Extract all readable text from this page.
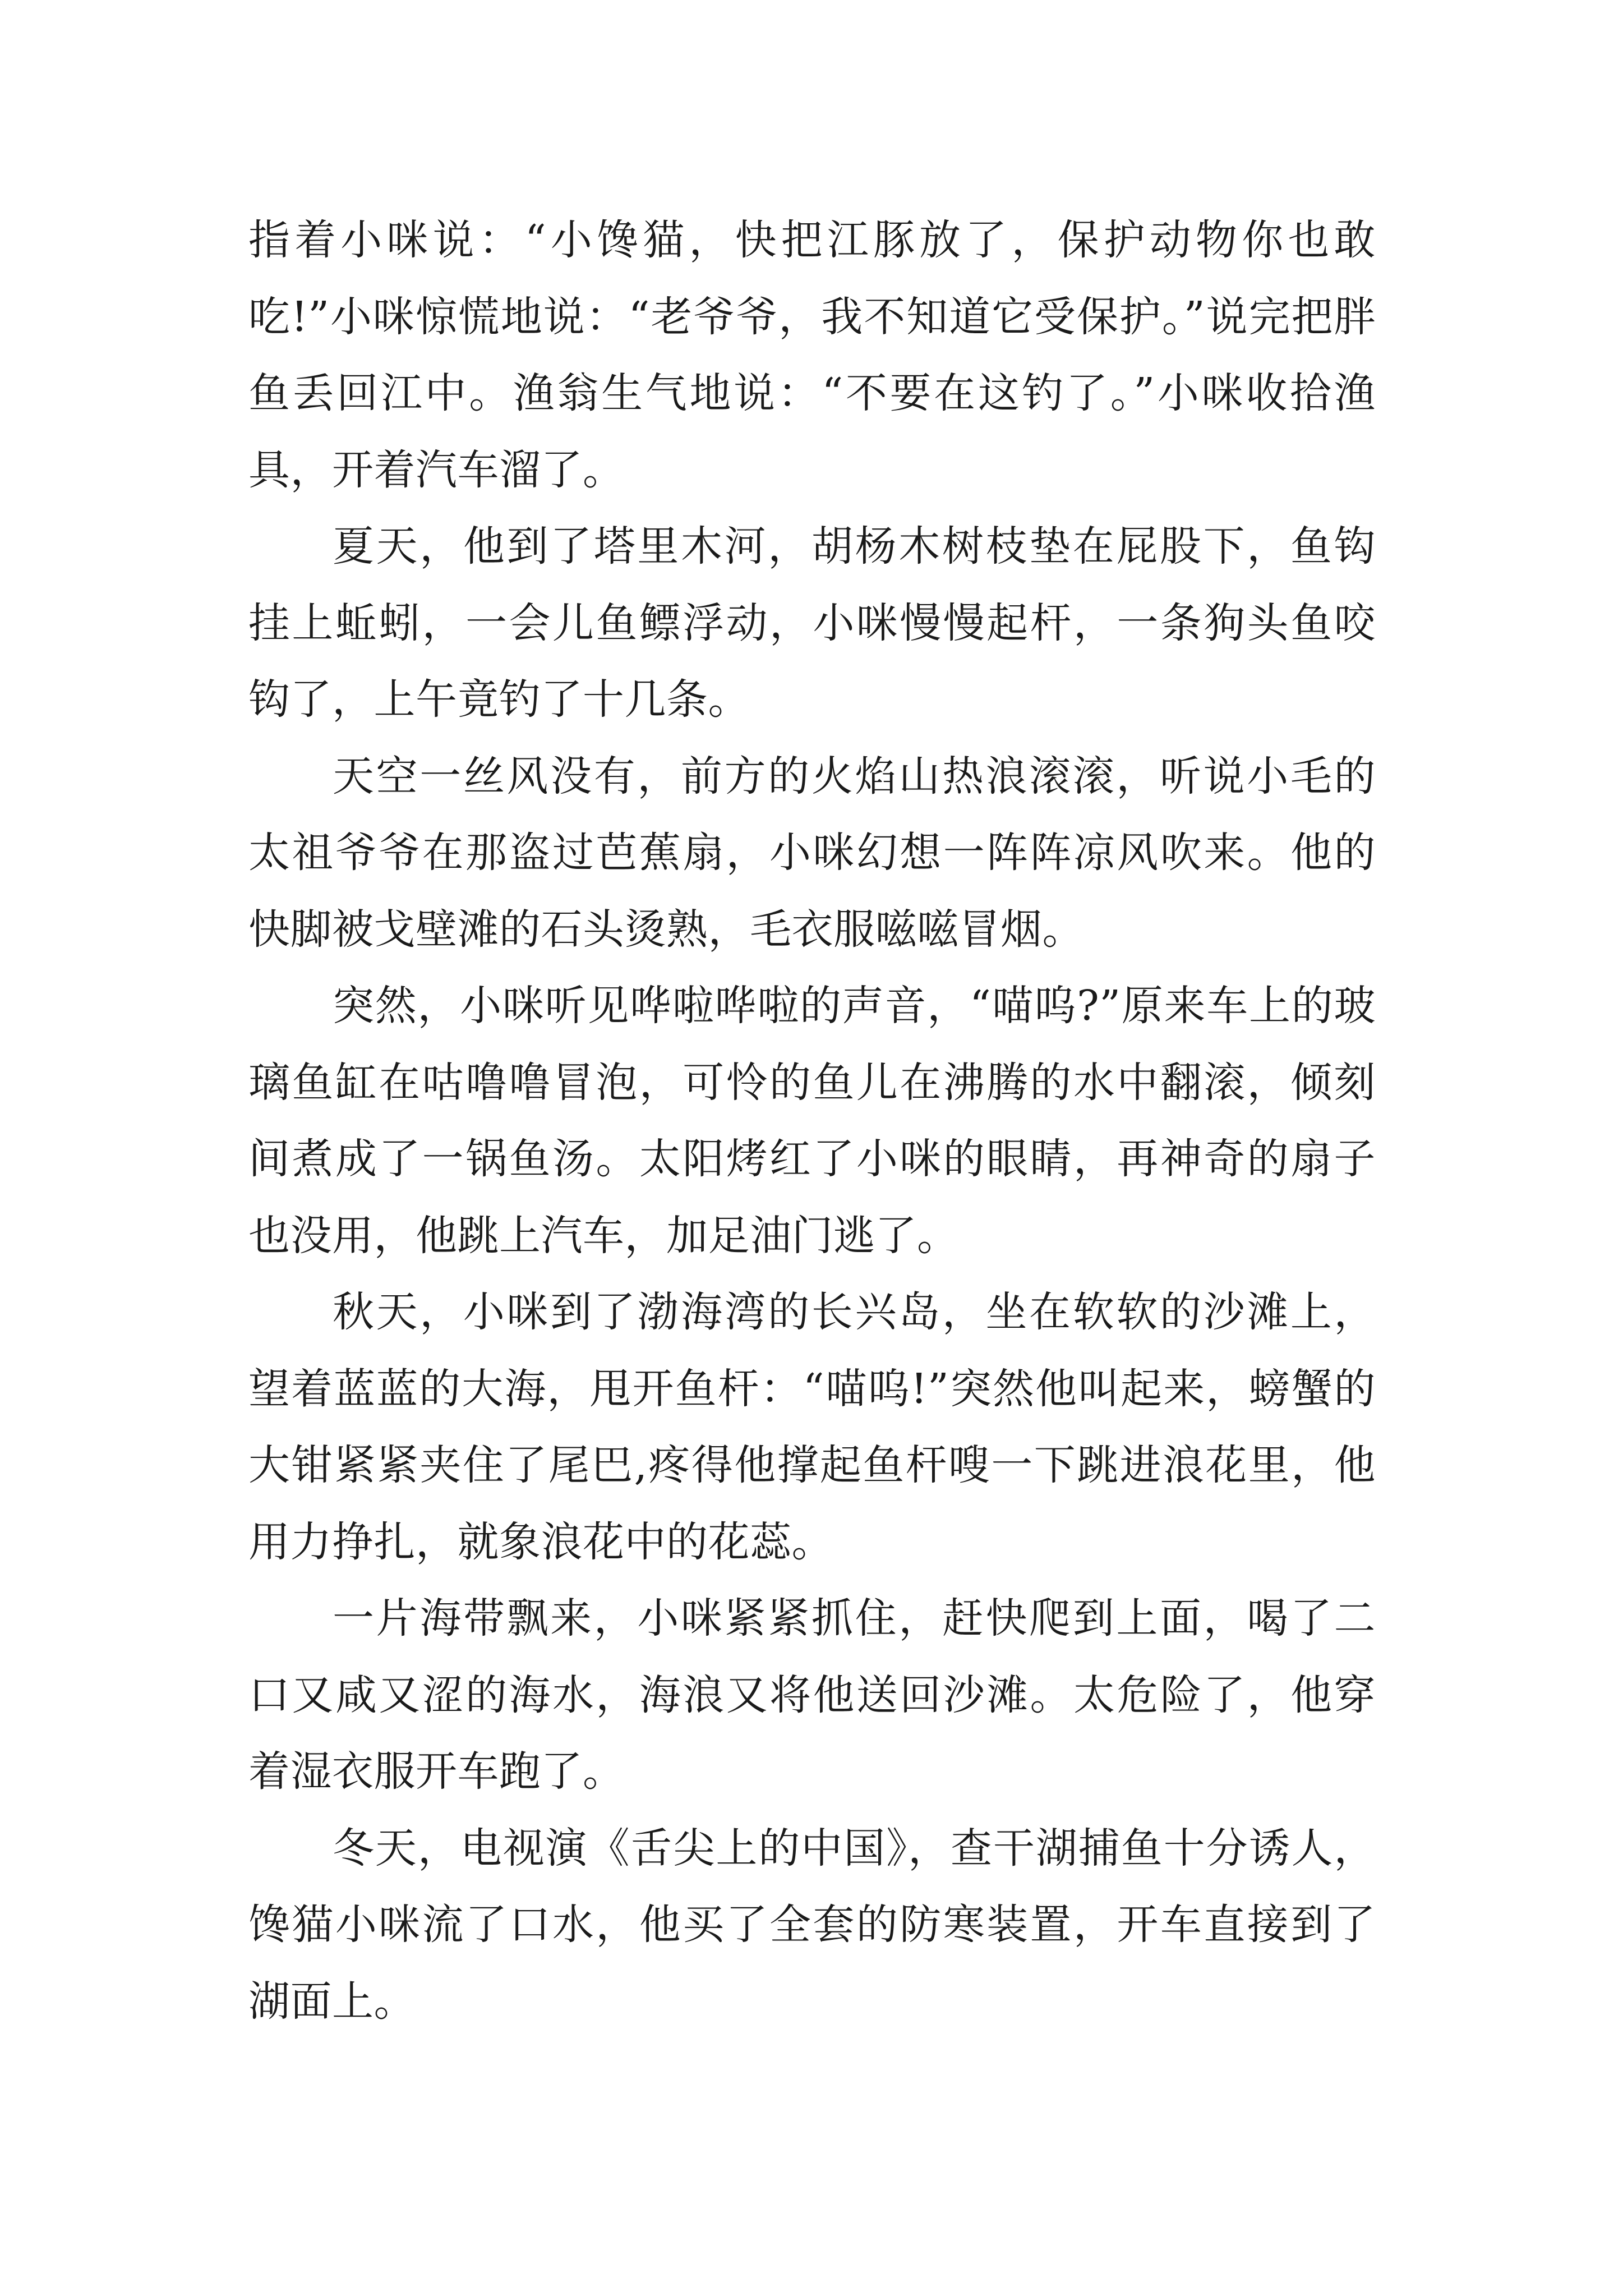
指着小咪说：“小馋猫，快把江豚放了，保护动物你也敢吃!”小咪惊慌地说：“老爷爷，我不知道它受保护。”说完把胖鱼丢回江中。渔翁生气地说：“不要在这钓了。”小咪收拾渔具，开着汽车溜了。

夏天，他到了塔里木河，胡杨木树枝垫在屁股下，鱼钩挂上蚯蚓，一会儿鱼鳔浮动，小咪慢慢起杆，一条狗头鱼咬钩了，上午竟钓了十几条。

天空一丝风没有，前方的火焰山热浪滚滚，听说小毛的太祖爷爷在那盗过芭蕉扇，小咪幻想一阵阵凉风吹来。他的快脚被戈壁滩的石头烫熟，毛衣服嗞嗞冒烟。

突然，小咪听见哗啦哗啦的声音，“喵呜?”原来车上的玻璃鱼缸在咕噜噜冒泡，可怜的鱼儿在沸腾的水中翻滚，倾刻间煮成了一锅鱼汤。太阳烤红了小咪的眼睛，再神奇的扇子也没用，他跳上汽车，加足油门逃了。

秋天，小咪到了渤海湾的长兴岛，坐在软软的沙滩上，望着蓝蓝的大海，甩开鱼杆：“喵呜!”突然他叫起来，螃蟹的大钳紧紧夹住了尾巴,疼得他撑起鱼杆嗖一下跳进浪花里，他用力挣扎，就象浪花中的花蕊。

一片海带飘来，小咪紧紧抓住，赶快爬到上面，喝了二口又咸又涩的海水，海浪又将他送回沙滩。太危险了，他穿着湿衣服开车跑了。

冬天，电视演《舌尖上的中国》，查干湖捕鱼十分诱人，馋猫小咪流了口水，他买了全套的防寒装置，开车直接到了湖面上。
